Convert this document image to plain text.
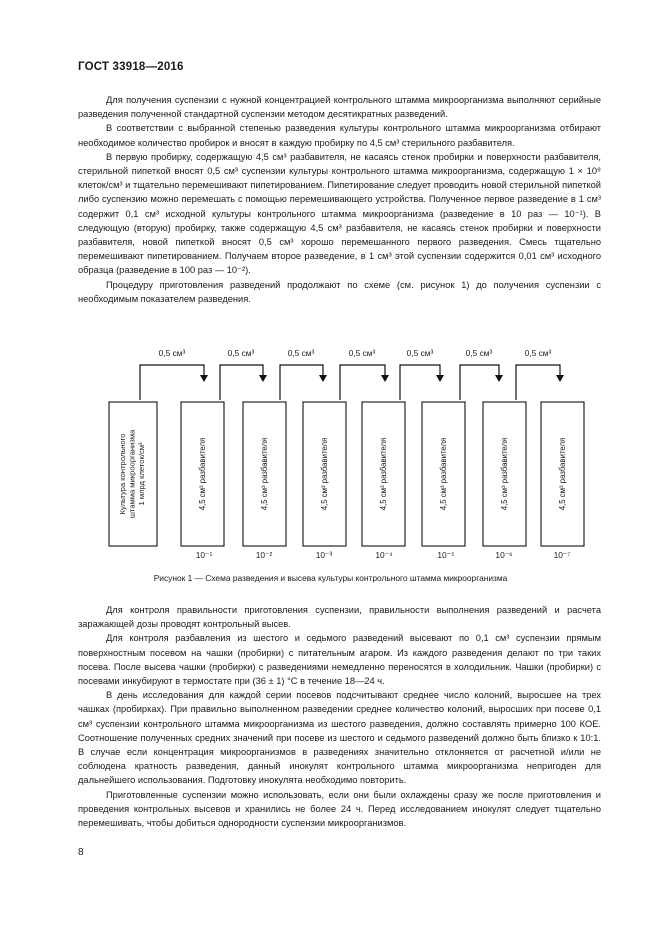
ГОСТ 33918—2016

Для получения суспензии с нужной концентрацией контрольного штамма микроорганизма выполняют серийные разведения полученной стандартной суспензии методом десятикратных разведений.

В соответствии с выбранной степенью разведения культуры контрольного штамма микроорганизма отбирают необходимое количество пробирок и вносят в каждую пробирку по 4,5 см³ стерильного разбавителя.

В первую пробирку, содержащую 4,5 см³ разбавителя, не касаясь стенок пробирки и поверхности разбавителя, стерильной пипеткой вносят 0,5 см³ суспензии культуры контрольного штамма микроорганизма, содержащую 1 × 10⁹ клеток/см³ и тщательно перемешивают пипетированием. Пипетирование следует проводить новой стерильной пипеткой либо суспензию можно перемешать с помощью перемешивающего устройства. Полученное первое разведение в 1 см³ содержит 0,1 см³ исходной культуры контрольного штамма микроорганизма (разведение в 10 раз — 10⁻¹). В следующую (вторую) пробирку, также содержащую 4,5 см³ разбавителя, не касаясь стенок пробирки и поверхности разбавителя, новой пипеткой вносят 0,5 см³ хорошо перемешанного первого разведения. Смесь тщательно перемешивают пипетированием. Получаем второе разведение, в 1 см³ этой суспензии содержится 0,01 см³ исходного образца (разведение в 100 раз — 10⁻²).

Процедуру приготовления разведений продолжают по схеме (см. рисунок 1) до получения суспензии с необходимым показателем разведения.

0,5 см³	0,5 см³	0,5 см³	0,5 см³	0,5 см³	0,5 см³	0,5 см³
Культура контрольного штамма микроорганизма 1 млрд клеток/см³	4,5 см³ разбавителя	4,5 см³ разбавителя	4,5 см³ разбавителя	4,5 см³ разбавителя	4,5 см³ разбавителя	4,5 см³ разбавителя	4,5 см³ разбавителя
10⁻¹	10⁻²	10⁻³	10⁻⁴	10⁻⁵	10⁻⁶	10⁻⁷
Рисунок 1 — Схема разведения и высева культуры контрольного штамма микроорганизма

Для контроля правильности приготовления суспензии, правильности выполнения разведений и расчета заражающей дозы проводят контрольный высев.

Для контроля разбавления из шестого и седьмого разведений высевают по 0,1 см³ суспензии прямым поверхностным посевом на чашки (пробирки) с питательным агаром. Из каждого разведения делают по три таких посева. После высева чашки (пробирки) с разведениями немедленно переносятся в холодильник. Чашки (пробирки) с посевами инкубируют в термостате при (36 ± 1) °С в течение 18—24 ч.

В день исследования для каждой серии посевов подсчитывают среднее число колоний, выросшее на трех чашках (пробирках). При правильно выполненном разведении среднее количество колоний, выросших при посеве 0,1 см³ суспензии контрольного штамма микроорганизма из шестого разведения, должно составлять примерно 100 КОЕ. Соотношение полученных средних значений при посеве из шестого и седьмого разведений должно быть близко к 10:1. В случае если концентрация микроорганизмов в разведениях значительно отклоняется от расчетной и/или не соблюдена кратность разведения, данный инокулят контрольного штамма микроорганизма непригоден для дальнейшего использования. Подготовку инокулята необходимо повторить.

Приготовленные суспензии можно использовать, если они были охлаждены сразу же после приготовления и проведения контрольных высевов и хранились не более 24 ч. Перед исследованием инокулят следует тщательно перемешивать, чтобы добиться однородности суспензии микроорганизмов.

8
